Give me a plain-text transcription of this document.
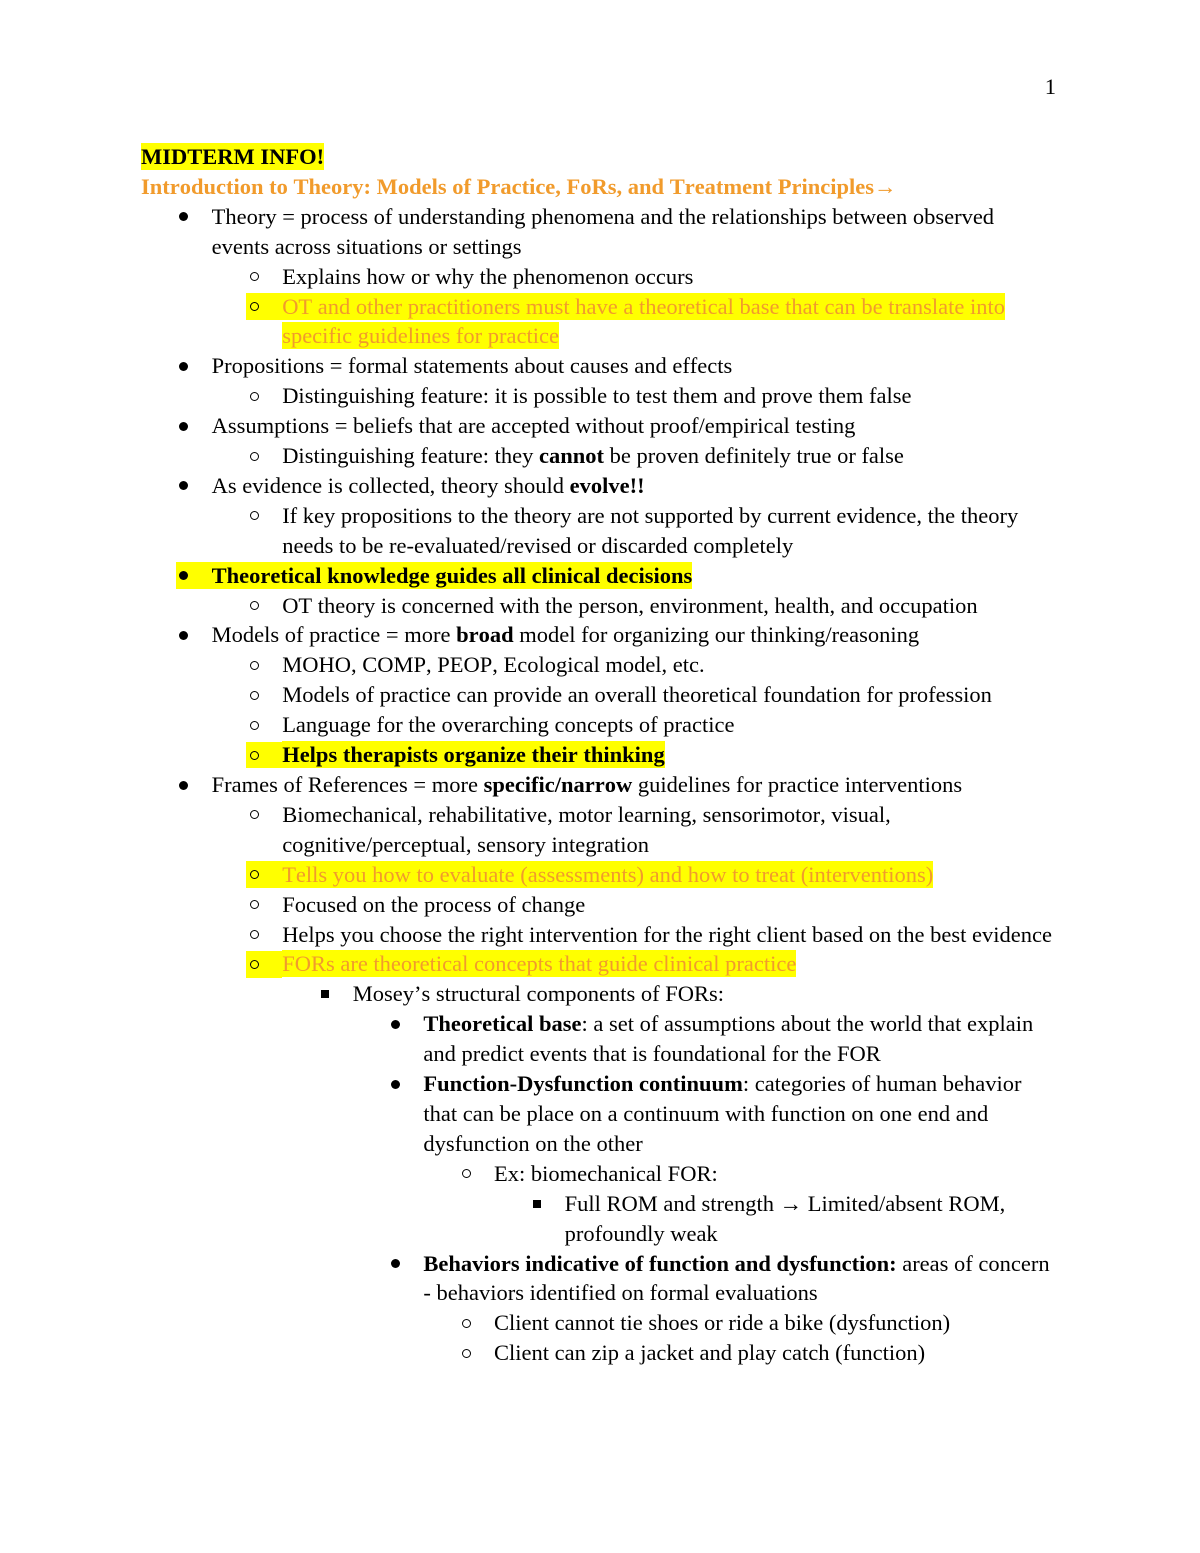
1
MIDTERM INFO!
Introduction to Theory: Models of Practice, FoRs, and Treatment Principles→
Theory = process of understanding phenomena and the relationships between observed events across situations or settings
Explains how or why the phenomenon occurs
OT and other practitioners must have a theoretical base that can be translate into specific guidelines for practice
Propositions = formal statements about causes and effects
Distinguishing feature: it is possible to test them and prove them false
Assumptions = beliefs that are accepted without proof/empirical testing
Distinguishing feature: they cannot be proven definitely true or false
As evidence is collected, theory should evolve!!
If key propositions to the theory are not supported by current evidence, the theory needs to be re-evaluated/revised or discarded completely
Theoretical knowledge guides all clinical decisions
OT theory is concerned with the person, environment, health, and occupation
Models of practice = more broad model for organizing our thinking/reasoning
MOHO, COMP, PEOP, Ecological model, etc.
Models of practice can provide an overall theoretical foundation for profession
Language for the overarching concepts of practice
Helps therapists organize their thinking
Frames of References = more specific/narrow guidelines for practice interventions
Biomechanical, rehabilitative, motor learning, sensorimotor, visual, cognitive/perceptual, sensory integration
Tells you how to evaluate (assessments) and how to treat (interventions)
Focused on the process of change
Helps you choose the right intervention for the right client based on the best evidence
FORs are theoretical concepts that guide clinical practice
Mosey’s structural components of FORs:
Theoretical base: a set of assumptions about the world that explain and predict events that is foundational for the FOR
Function-Dysfunction continuum: categories of human behavior that can be place on a continuum with function on one end and dysfunction on the other
Ex: biomechanical FOR:
Full ROM and strength → Limited/absent ROM, profoundly weak
Behaviors indicative of function and dysfunction: areas of concern - behaviors identified on formal evaluations
Client cannot tie shoes or ride a bike (dysfunction)
Client can zip a jacket and play catch (function)
